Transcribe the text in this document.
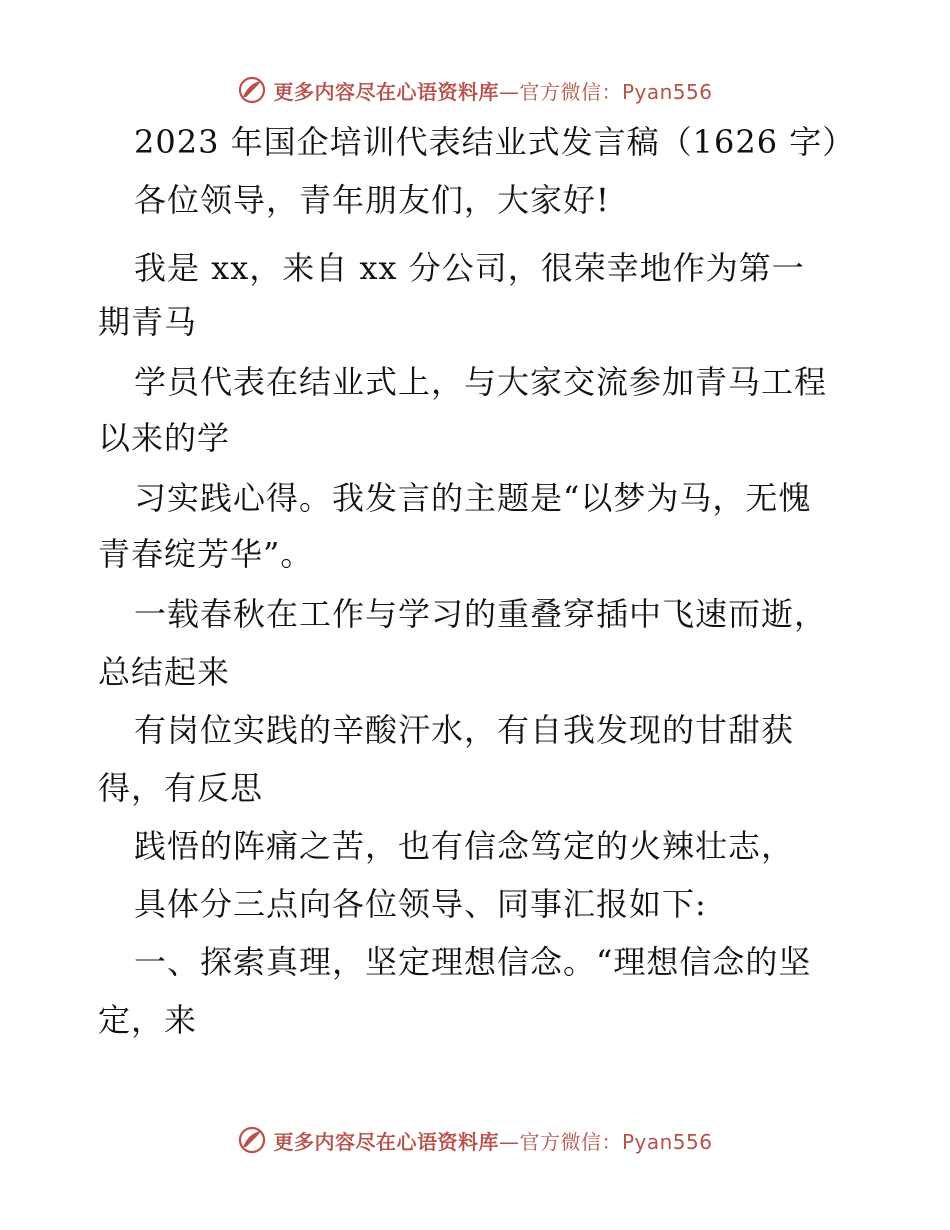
更多内容尽在心语资料库—官方微信：Pyan556
2023 年国企培训代表结业式发言稿（1626 字）
各位领导，青年朋友们，大家好!
我是 xx，来自 xx 分公司，很荣幸地作为第一
期青马
学员代表在结业式上，与大家交流参加青马工程
以来的学
习实践心得。我发言的主题是“以梦为马，无愧
青春绽芳华”。
一载春秋在工作与学习的重叠穿插中飞速而逝，
总结起来
有岗位实践的辛酸汗水，有自我发现的甘甜获
得，有反思
践悟的阵痛之苦，也有信念笃定的火辣壮志，
具体分三点向各位领导、同事汇报如下:
一、探索真理，坚定理想信念。“理想信念的坚
定，来
更多内容尽在心语资料库—官方微信：Pyan556
